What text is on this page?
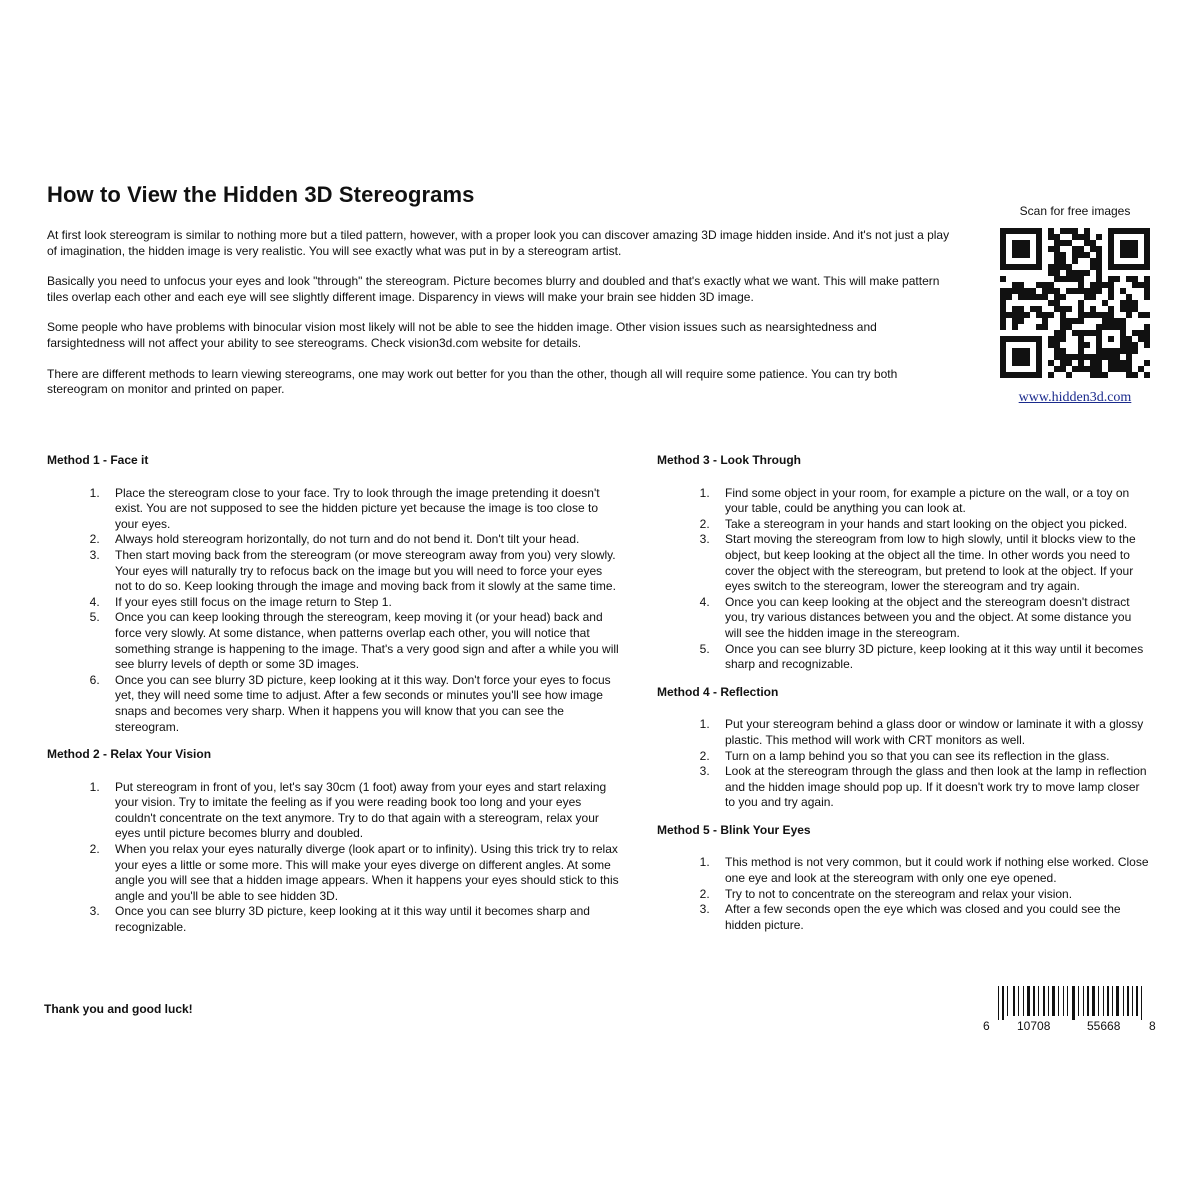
How to View the Hidden 3D Stereograms

At first look stereogram is similar to nothing more but a tiled pattern, however, with a proper look you can discover amazing 3D image hidden inside. And it's not just a play of imagination, the hidden image is very realistic. You will see exactly what was put in by a stereogram artist.

Basically you need to unfocus your eyes and look "through" the stereogram. Picture becomes blurry and doubled and that's exactly what we want. This will make pattern tiles overlap each other and each eye will see slightly different image. Disparency in views will make your brain see hidden 3D image.

Some people who have problems with binocular vision most likely will not be able to see the hidden image. Other vision issues such as nearsightedness and farsightedness will not affect your ability to see stereograms. Check vision3d.com website for details.

There are different methods to learn viewing stereograms, one may work out better for you than the other, though all will require some patience. You can try both stereogram on monitor and printed on paper.

Scan for free images
www.hidden3d.com
Method 1 - Face it
1. Place the stereogram close to your face. Try to look through the image pretending it doesn't exist. You are not supposed to see the hidden picture yet because the image is too close to your eyes.
2. Always hold stereogram horizontally, do not turn and do not bend it. Don't tilt your head.
3. Then start moving back from the stereogram (or move stereogram away from you) very slowly. Your eyes will naturally try to refocus back on the image but you will need to force your eyes not to do so. Keep looking through the image and moving back from it slowly at the same time.
4. If your eyes still focus on the image return to Step 1.
5. Once you can keep looking through the stereogram, keep moving it (or your head) back and force very slowly. At some distance, when patterns overlap each other, you will notice that something strange is happening to the image. That's a very good sign and after a while you will see blurry levels of depth or some 3D images.
6. Once you can see blurry 3D picture, keep looking at it this way. Don't force your eyes to focus yet, they will need some time to adjust. After a few seconds or minutes you'll see how image snaps and becomes very sharp. When it happens you will know that you can see the stereogram.
Method 2 - Relax Your Vision
1. Put stereogram in front of you, let's say 30cm (1 foot) away from your eyes and start relaxing your vision. Try to imitate the feeling as if you were reading book too long and your eyes couldn't concentrate on the text anymore. Try to do that again with a stereogram, relax your eyes until picture becomes blurry and doubled.
2. When you relax your eyes naturally diverge (look apart or to infinity). Using this trick try to relax your eyes a little or some more. This will make your eyes diverge on different angles. At some angle you will see that a hidden image appears. When it happens your eyes should stick to this angle and you'll be able to see hidden 3D.
3. Once you can see blurry 3D picture, keep looking at it this way until it becomes sharp and recognizable.
Method 3 - Look Through
1. Find some object in your room, for example a picture on the wall, or a toy on your table, could be anything you can look at.
2. Take a stereogram in your hands and start looking on the object you picked.
3. Start moving the stereogram from low to high slowly, until it blocks view to the object, but keep looking at the object all the time. In other words you need to cover the object with the stereogram, but pretend to look at the object. If your eyes switch to the stereogram, lower the stereogram and try again.
4. Once you can keep looking at the object and the stereogram doesn't distract you, try various distances between you and the object. At some distance you will see the hidden image in the stereogram.
5. Once you can see blurry 3D picture, keep looking at it this way until it becomes sharp and recognizable.
Method 4 - Reflection
1. Put your stereogram behind a glass door or window or laminate it with a glossy plastic. This method will work with CRT monitors as well.
2. Turn on a lamp behind you so that you can see its reflection in the glass.
3. Look at the stereogram through the glass and then look at the lamp in reflection and the hidden image should pop up. If it doesn't work try to move lamp closer to you and try again.
Method 5 - Blink Your Eyes
1. This method is not very common, but it could work if nothing else worked. Close one eye and look at the stereogram with only one eye opened.
2. Try to not to concentrate on the stereogram and relax your vision.
3. After a few seconds open the eye which was closed and you could see the hidden picture.
Thank you and good luck!
6 10708	55668 8
